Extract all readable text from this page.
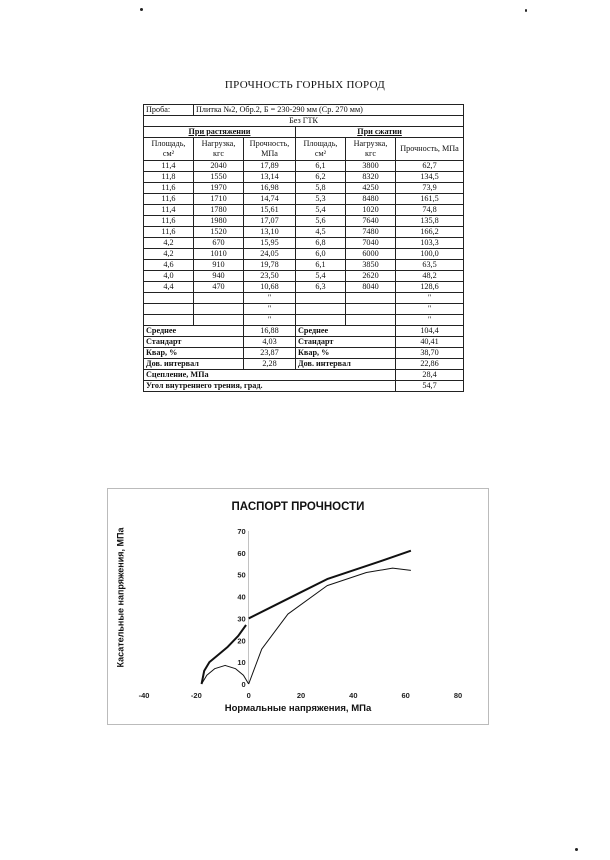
ПРОЧНОСТЬ ГОРНЫХ ПОРОД
Проба:	Плитка №2, Обр.2, Б = 230-290 мм (Ср. 270 мм)				
Без ГТК					
При растяжении			При сжатии		
Площадь, см²	Нагрузка, кгс	Прочность, МПа	Площадь, см²	Нагрузка, кгс	Прочность, МПа
11,4	2040	17,89	6,1	3800	62,7
11,8	1550	13,14	6,2	8320	134,5
11,6	1970	16,98	5,8	4250	73,9
11,6	1710	14,74	5,3	8480	161,5
11,4	1780	15,61	5,4	1020	74,8
11,6	1980	17,07	5,6	7640	135,8
11,6	1520	13,10	4,5	7480	166,2
4,2	670	15,95	6,8	7040	103,3
4,2	1010	24,05	6,0	6000	100,0
4,6	910	19,78	6,1	3850	63,5
4,0	940	23,50	5,4	2620	48,2
4,4	470	10,68	6,3	8040	128,6
		"			"
		"			"
		"			"
Среднее		16,88	Среднее		104,4
Стандарт		4,03	Стандарт		40,41
Квар, %		23,87	Квар, %		38,70
Дов. интервал		2,28	Дов. интервал		22,86
Сцепление, МПа					28,4
Угол внутреннего трения, град.					54,7
ПАСПОРТ ПРОЧНОСТИ
Касательные напряжения, МПа
-40	-20	0	20	40	60	80
0
10
20
30
40
50
60
70
Нормальные напряжения, МПа
